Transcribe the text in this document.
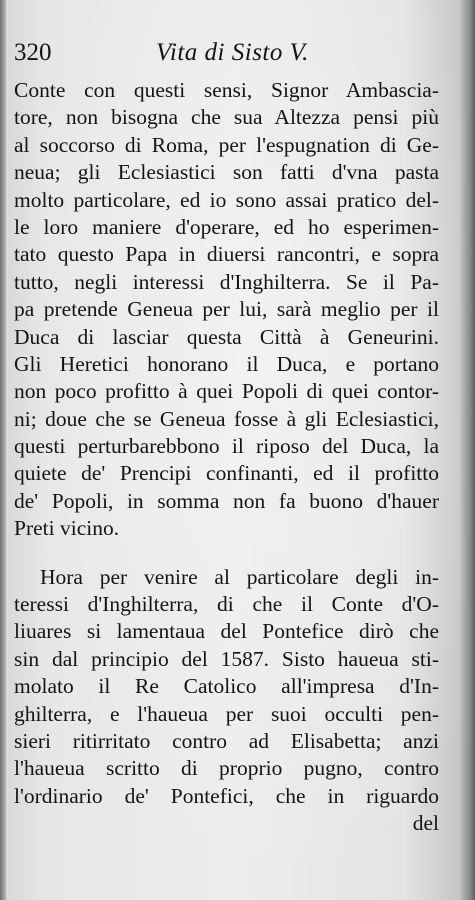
320	Vita di Sisto V.
Conte con questi sensi, Signor Ambascia-
tore, non bisogna che sua Altezza pensi più
al soccorso di Roma, per l'espugnation di Ge-
neua; gli Eclesiastici son fatti d'vna pasta
molto particolare, ed io sono assai pratico del-
le loro maniere d'operare, ed ho esperimen-
tato questo Papa in diuersi rancontri, e sopra
tutto, negli interessi d'Inghilterra. Se il Pa-
pa pretende Geneua per lui, sarà meglio per il
Duca di lasciar questa Città à Geneurini.
Gli Heretici honorano il Duca, e portano
non poco profitto à quei Popoli di quei contor-
ni; doue che se Geneua fosse à gli Eclesiastici,
questi perturbarebbono il riposo del Duca, la
quiete de' Prencipi confinanti, ed il profitto
de' Popoli, in somma non fa buono d'hauer
Preti vicino.
Hora per venire al particolare degli in-
teressi d'Inghilterra, di che il Conte d'O-
liuares si lamentaua del Pontefice dirò che
sin dal principio del 1587. Sisto haueua sti-
molato il Re Catolico all'impresa d'In-
ghilterra, e l'haueua per suoi occulti pen-
sieri ritirritato contro ad Elisabetta; anzi
l'haueua scritto di proprio pugno, contro
l'ordinario de' Pontefici, che in riguardo
del
